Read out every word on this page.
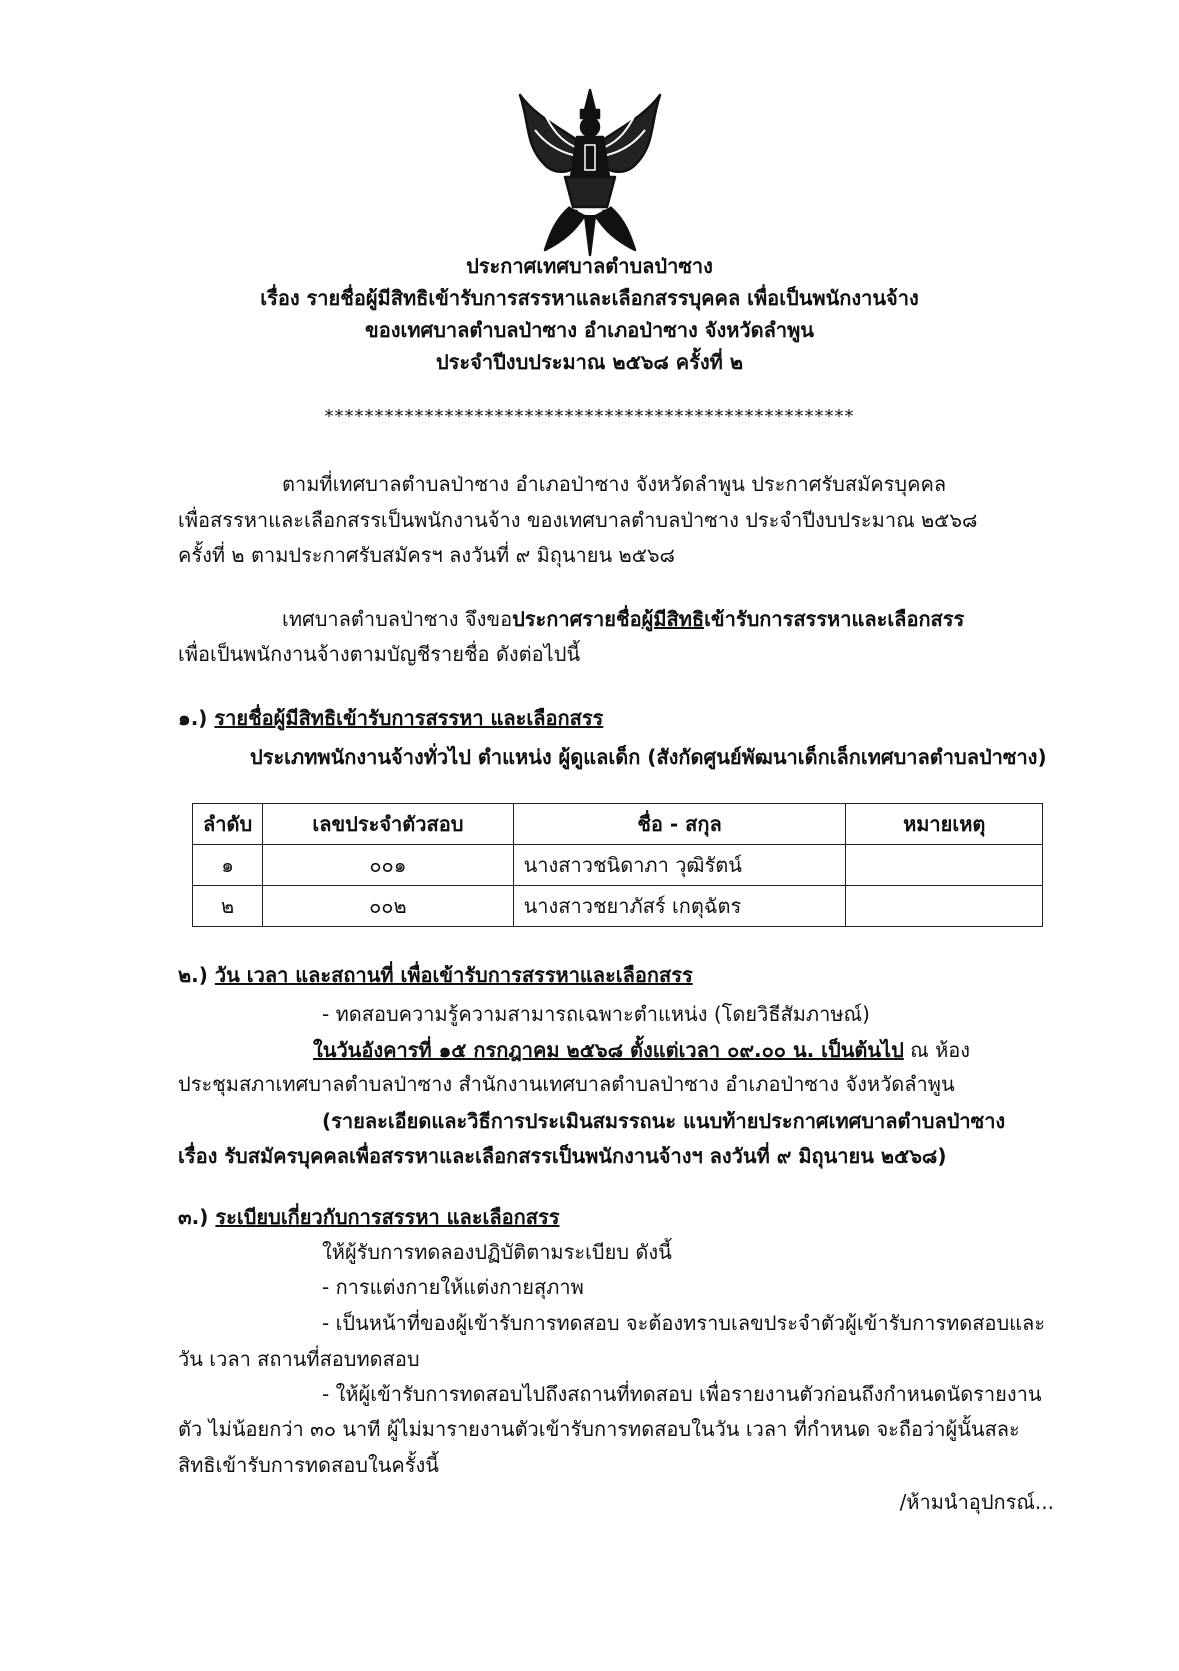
ประกาศเทศบาลตำบลป่าซาง
เรื่อง รายชื่อผู้มีสิทธิเข้ารับการสรรหาและเลือกสรรบุคคล เพื่อเป็นพนักงานจ้าง
ของเทศบาลตำบลป่าซาง อำเภอป่าซาง จังหวัดลำพูน
ประจำปีงบประมาณ ๒๕๖๘ ครั้งที่ ๒
*****************************************************
ตามที่เทศบาลตำบลป่าซาง อำเภอป่าซาง จังหวัดลำพูน ประกาศรับสมัครบุคคล
เพื่อสรรหาและเลือกสรรเป็นพนักงานจ้าง ของเทศบาลตำบลป่าซาง ประจำปีงบประมาณ ๒๕๖๘
ครั้งที่ ๒ ตามประกาศรับสมัครฯ ลงวันที่ ๙ มิถุนายน ๒๕๖๘
เทศบาลตำบลป่าซาง จึงขอประกาศรายชื่อผู้มีสิทธิเข้ารับการสรรหาและเลือกสรร
เพื่อเป็นพนักงานจ้างตามบัญชีรายชื่อ ดังต่อไปนี้
๑.) รายชื่อผู้มีสิทธิเข้ารับการสรรหา และเลือกสรร
ประเภทพนักงานจ้างทั่วไป ตำแหน่ง ผู้ดูแลเด็ก (สังกัดศูนย์พัฒนาเด็กเล็กเทศบาลตำบลป่าซาง)
ลำดับ	เลขประจำตัวสอบ	ชื่อ - สกุล	หมายเหตุ
๑	๐๐๑	นางสาวชนิดาภา วุฒิรัตน์	
๒	๐๐๒	นางสาวชยาภัสร์ เกตุฉัตร	
๒.) วัน เวลา และสถานที่ เพื่อเข้ารับการสรรหาและเลือกสรร
- ทดสอบความรู้ความสามารถเฉพาะตำแหน่ง (โดยวิธีสัมภาษณ์)
ในวันอังคารที่ ๑๕ กรกฎาคม ๒๕๖๘ ตั้งแต่เวลา ๐๙.๐๐ น. เป็นต้นไป ณ ห้อง
ประชุมสภาเทศบาลตำบลป่าซาง สำนักงานเทศบาลตำบลป่าซาง อำเภอป่าซาง จังหวัดลำพูน
(รายละเอียดและวิธีการประเมินสมรรถนะ แนบท้ายประกาศเทศบาลตำบลป่าซาง
เรื่อง รับสมัครบุคคลเพื่อสรรหาและเลือกสรรเป็นพนักงานจ้างฯ ลงวันที่ ๙ มิถุนายน ๒๕๖๘)
๓.) ระเบียบเกี่ยวกับการสรรหา และเลือกสรร
ให้ผู้รับการทดลองปฏิบัติตามระเบียบ ดังนี้
- การแต่งกายให้แต่งกายสุภาพ
- เป็นหน้าที่ของผู้เข้ารับการทดสอบ จะต้องทราบเลขประจำตัวผู้เข้ารับการทดสอบและ
วัน เวลา สถานที่สอบทดสอบ
- ให้ผู้เข้ารับการทดสอบไปถึงสถานที่ทดสอบ เพื่อรายงานตัวก่อนถึงกำหนดนัดรายงาน
ตัว ไม่น้อยกว่า ๓๐ นาที ผู้ไม่มารายงานตัวเข้ารับการทดสอบในวัน เวลา ที่กำหนด จะถือว่าผู้นั้นสละ
สิทธิเข้ารับการทดสอบในครั้งนี้
/ห้ามนำอุปกรณ์...
